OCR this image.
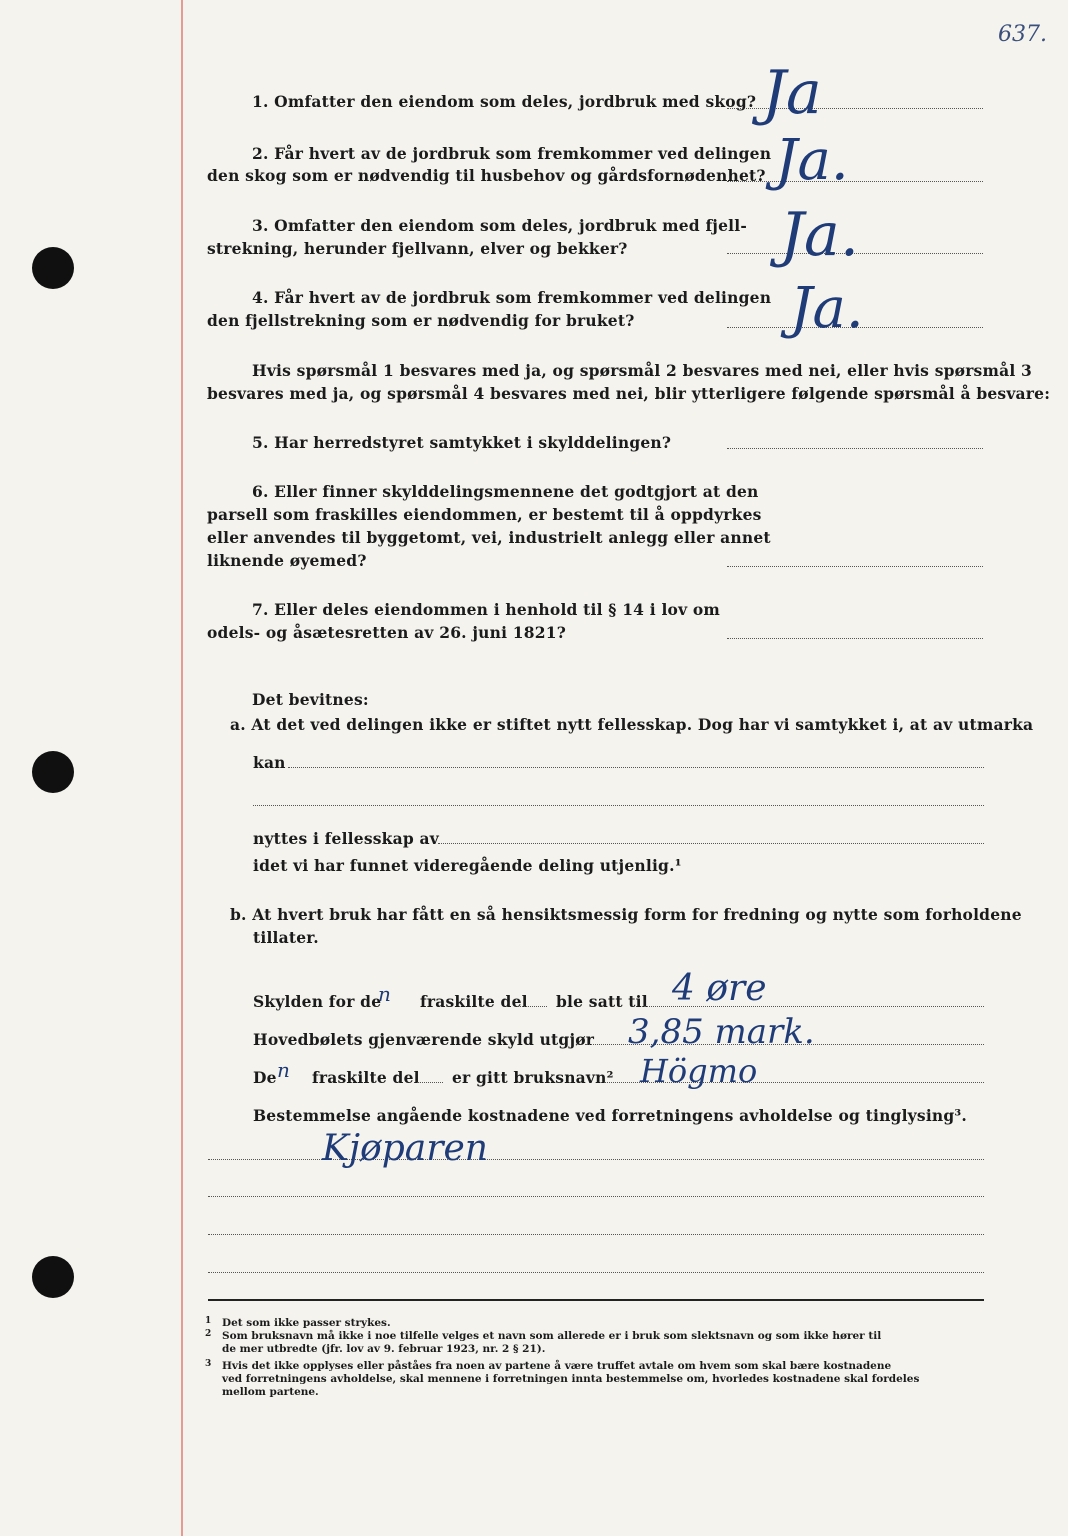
637.
1. Omfatter den eiendom som deles, jordbruk med skog? Ja
2. Får hvert av de jordbruk som fremkommer ved delingen
den skog som er nødvendig til husbehov og gårdsfornødenhet? Ja.
3. Omfatter den eiendom som deles, jordbruk med fjell-
strekning, herunder fjellvann, elver og bekker?	Ja.
4. Får hvert av de jordbruk som fremkommer ved delingen
den fjellstrekning som er nødvendig for bruket?	Ja.
Hvis spørsmål 1 besvares med ja, og spørsmål 2 besvares med nei, eller hvis spørsmål 3
besvares med ja, og spørsmål 4 besvares med nei, blir ytterligere følgende spørsmål å besvare:
5. Har herredstyret samtykket i skylddelingen?
6. Eller finner skylddelingsmennene det godtgjort at den
parsell som fraskilles eiendommen, er bestemt til å oppdyrkes
eller anvendes til byggetomt, vei, industrielt anlegg eller annet
liknende øyemed?
7. Eller deles eiendommen i henhold til § 14 i lov om
odels- og åsætesretten av 26. juni 1821?
Det bevitnes:
a. At det ved delingen ikke er stiftet nytt fellesskap. Dog har vi samtykket i, at av utmarka
kan
nyttes i fellesskap av
idet vi har funnet videregående deling utjenlig.¹
b. At hvert bruk har fått en så hensiktsmessig form for fredning og nytte som forholdene
tillater.
Skylden for de
n fraskilte del ble satt til 4 øre
Hovedbølets gjenværende skyld utgjør 3,85 mark.
De n fraskilte del er gitt bruksnavn² Högmo
Bestemmelse angående kostnadene ved forretningens avholdelse og tinglysing³.
Kjøparen
1 Det som ikke passer strykes.
2 Som bruksnavn må ikke i noe tilfelle velges et navn som allerede er i bruk som slektsnavn og som ikke hører til
de mer utbredte (jfr. lov av 9. februar 1923, nr. 2 § 21).
3 Hvis det ikke opplyses eller påståes fra noen av partene å være truffet avtale om hvem som skal bære kostnadene
ved forretningens avholdelse, skal mennene i forretningen innta bestemmelse om, hvorledes kostnadene skal fordeles
mellom partene.
